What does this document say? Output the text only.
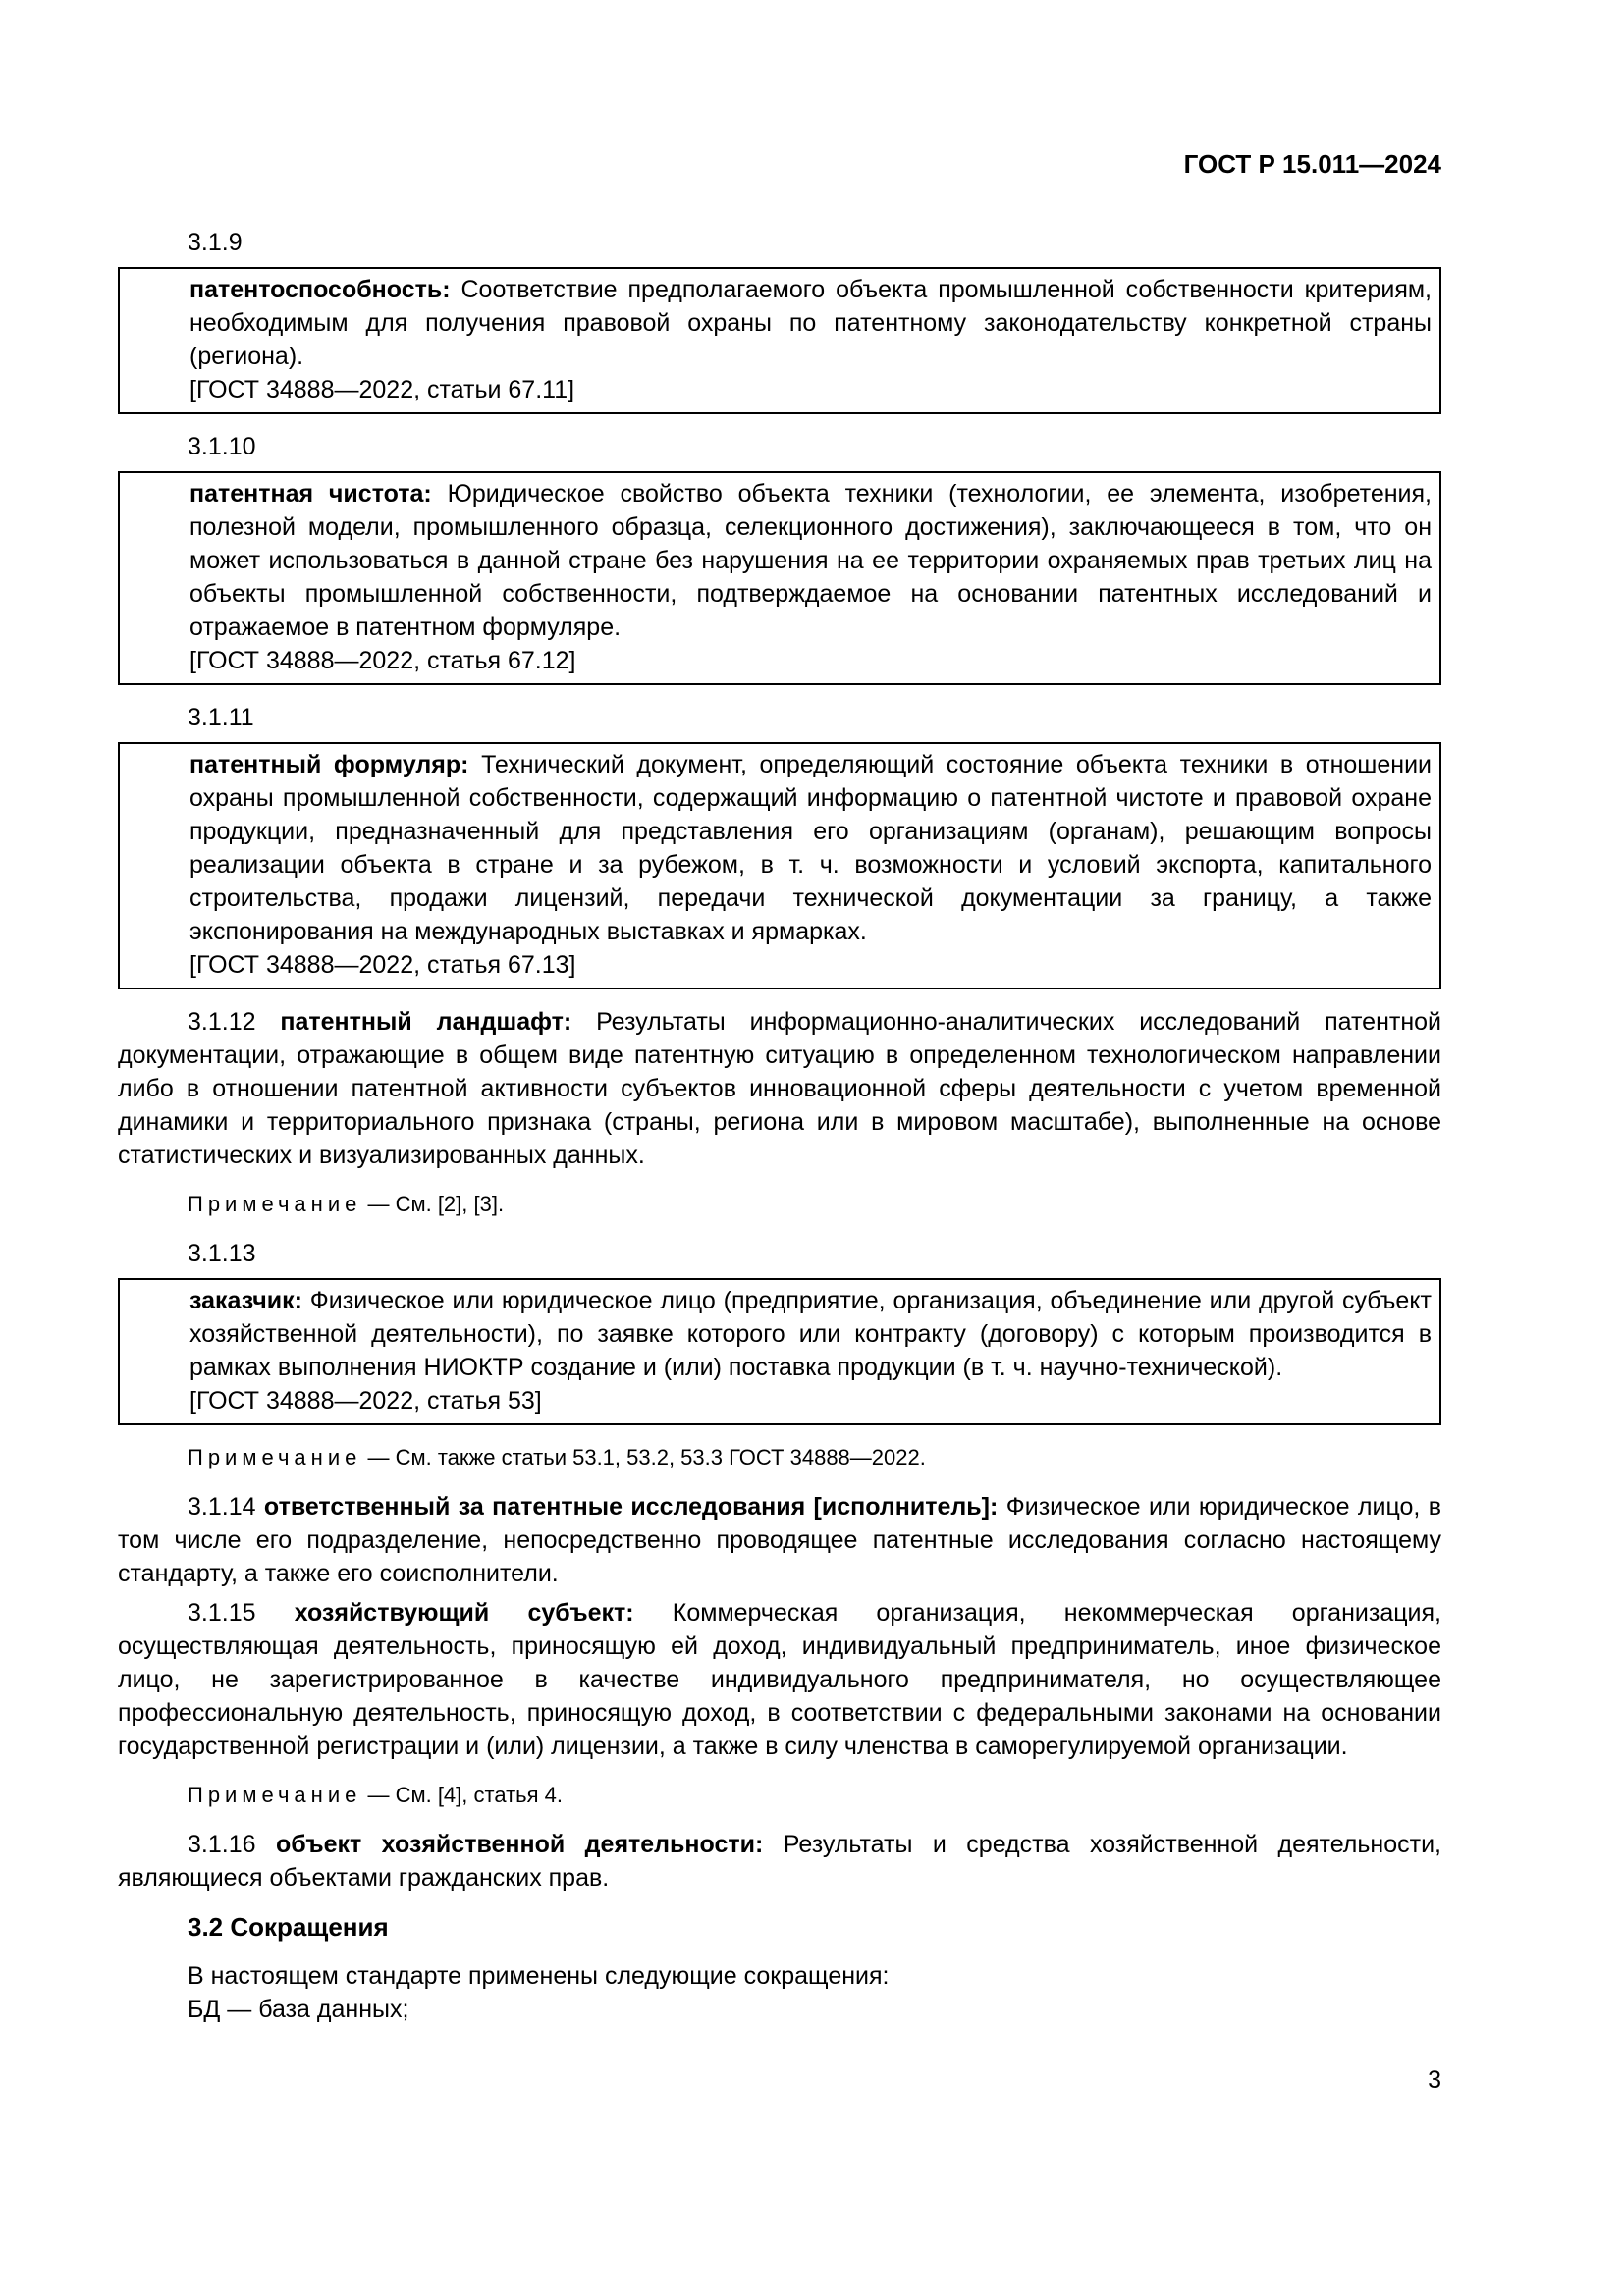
ГОСТ Р 15.011—2024
3.1.9

патентоспособность: Соответствие предполагаемого объекта промышленной собственности критериям, необходимым для получения правовой охраны по патентному законодательству конкретной страны (региона).

[ГОСТ 34888—2022, статьи 67.11]

3.1.10

патентная чистота: Юридическое свойство объекта техники (технологии, ее элемента, изобретения, полезной модели, промышленного образца, селекционного достижения), заключающееся в том, что он может использоваться в данной стране без нарушения на ее территории охраняемых прав третьих лиц на объекты промышленной собственности, подтверждаемое на основании патентных исследований и отражаемое в патентном формуляре.

[ГОСТ 34888—2022, статья 67.12]

3.1.11

патентный формуляр: Технический документ, определяющий состояние объекта техники в отношении охраны промышленной собственности, содержащий информацию о патентной чистоте и правовой охране продукции, предназначенный для представления его организациям (органам), решающим вопросы реализации объекта в стране и за рубежом, в т. ч. возможности и условий экспорта, капитального строительства, продажи лицензий, передачи технической документации за границу, а также экспонирования на международных выставках и ярмарках.

[ГОСТ 34888—2022, статья 67.13]

3.1.12 патентный ландшафт: Результаты информационно-аналитических исследований патентной документации, отражающие в общем виде патентную ситуацию в определенном технологическом направлении либо в отношении патентной активности субъектов инновационной сферы деятельности с учетом временной динамики и территориального признака (страны, региона или в мировом масштабе), выполненные на основе статистических и визуализированных данных.

Примечание — См. [2], [3].
3.1.13

заказчик: Физическое или юридическое лицо (предприятие, организация, объединение или другой субъект хозяйственной деятельности), по заявке которого или контракту (договору) с которым производится в рамках выполнения НИОКТР создание и (или) поставка продукции (в т. ч. научно-технической).

[ГОСТ 34888—2022, статья 53]

Примечание — См. также статьи 53.1, 53.2, 53.3 ГОСТ 34888—2022.

3.1.14 ответственный за патентные исследования [исполнитель]: Физическое или юридическое лицо, в том числе его подразделение, непосредственно проводящее патентные исследования согласно настоящему стандарту, а также его соисполнители.

3.1.15 хозяйствующий субъект: Коммерческая организация, некоммерческая организация, осуществляющая деятельность, приносящую ей доход, индивидуальный предприниматель, иное физическое лицо, не зарегистрированное в качестве индивидуального предпринимателя, но осуществляющее профессиональную деятельность, приносящую доход, в соответствии с федеральными законами на основании государственной регистрации и (или) лицензии, а также в силу членства в саморегулируемой организации.

Примечание — См. [4], статья 4.

3.1.16 объект хозяйственной деятельности: Результаты и средства хозяйственной деятельности, являющиеся объектами гражданских прав.

3.2 Сокращения

В настоящем стандарте применены следующие сокращения:

БД — база данных;

3
